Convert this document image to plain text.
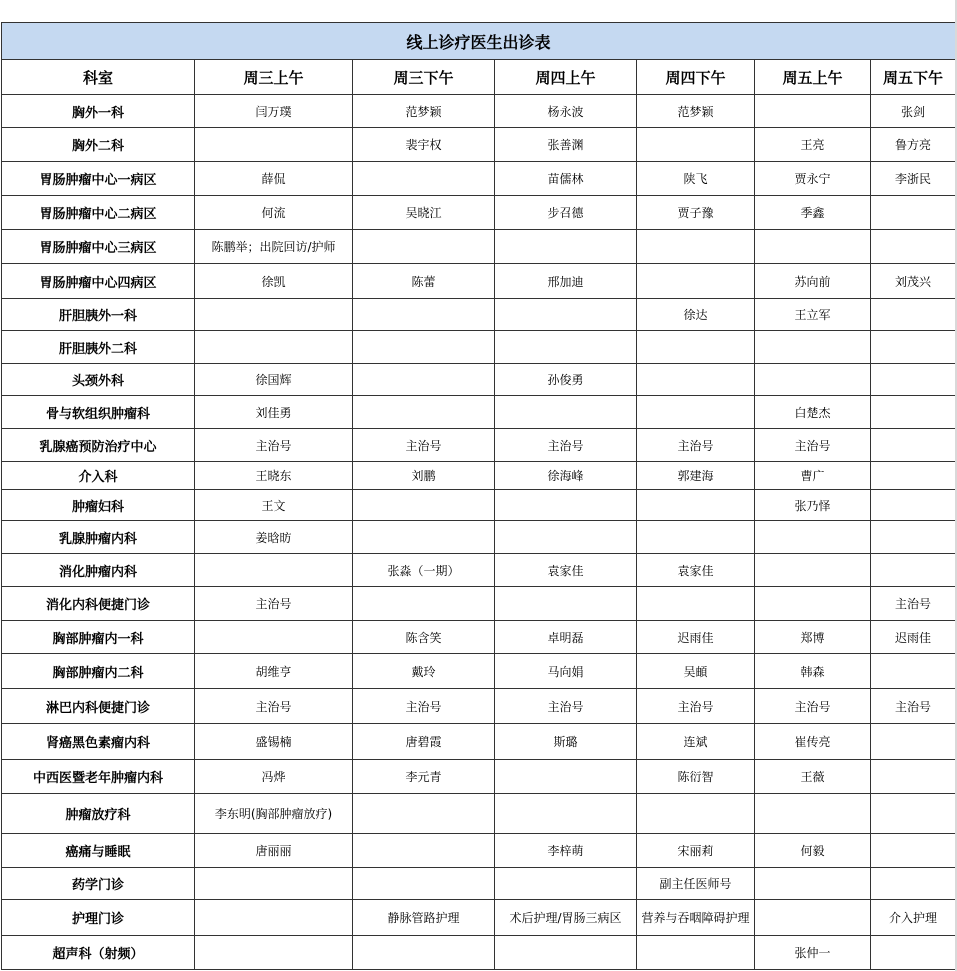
线上诊疗医生出诊表						
科室	周三上午	周三下午	周四上午	周四下午	周五上午	周五下午
胸外一科	闫万璞	范梦颖	杨永波	范梦颖		张剑
胸外二科		裴宇权	张善渊		王亮	鲁方亮
胃肠肿瘤中心一病区	薛侃		苗儒林	陕飞	贾永宁	李浙民
胃肠肿瘤中心二病区	何流	吴晓江	步召德	贾子豫	季鑫	
胃肠肿瘤中心三病区	陈鹏举；出院回访/护师					
胃肠肿瘤中心四病区	徐凯	陈蕾	邢加迪		苏向前	刘茂兴
肝胆胰外一科				徐达	王立军	
肝胆胰外二科						
头颈外科	徐国辉		孙俊勇			
骨与软组织肿瘤科	刘佳勇				白楚杰	
乳腺癌预防治疗中心	主治号	主治号	主治号	主治号	主治号	
介入科	王晓东	刘鹏	徐海峰	郭建海	曹广	
肿瘤妇科	王文				张乃怿	
乳腺肿瘤内科	姜晗昉					
消化肿瘤内科		张淼（一期）	袁家佳	袁家佳		
消化内科便捷门诊	主治号					主治号
胸部肿瘤内一科		陈含笑	卓明磊	迟雨佳	郑博	迟雨佳
胸部肿瘤内二科	胡维亨	戴玲	马向娟	吴頔	韩森	
淋巴内科便捷门诊	主治号	主治号	主治号	主治号	主治号	主治号
肾癌黑色素瘤内科	盛锡楠	唐碧霞	斯璐	连斌	崔传亮	
中西医暨老年肿瘤内科	冯烨	李元青		陈衍智	王薇	
肿瘤放疗科	李东明(胸部肿瘤放疗)					
癌痛与睡眠	唐丽丽		李梓萌	宋丽莉	何毅	
药学门诊				副主任医师号		
护理门诊		静脉管路护理	术后护理/胃肠三病区	营养与吞咽障碍护理		介入护理
超声科（射频）					张仲一	
